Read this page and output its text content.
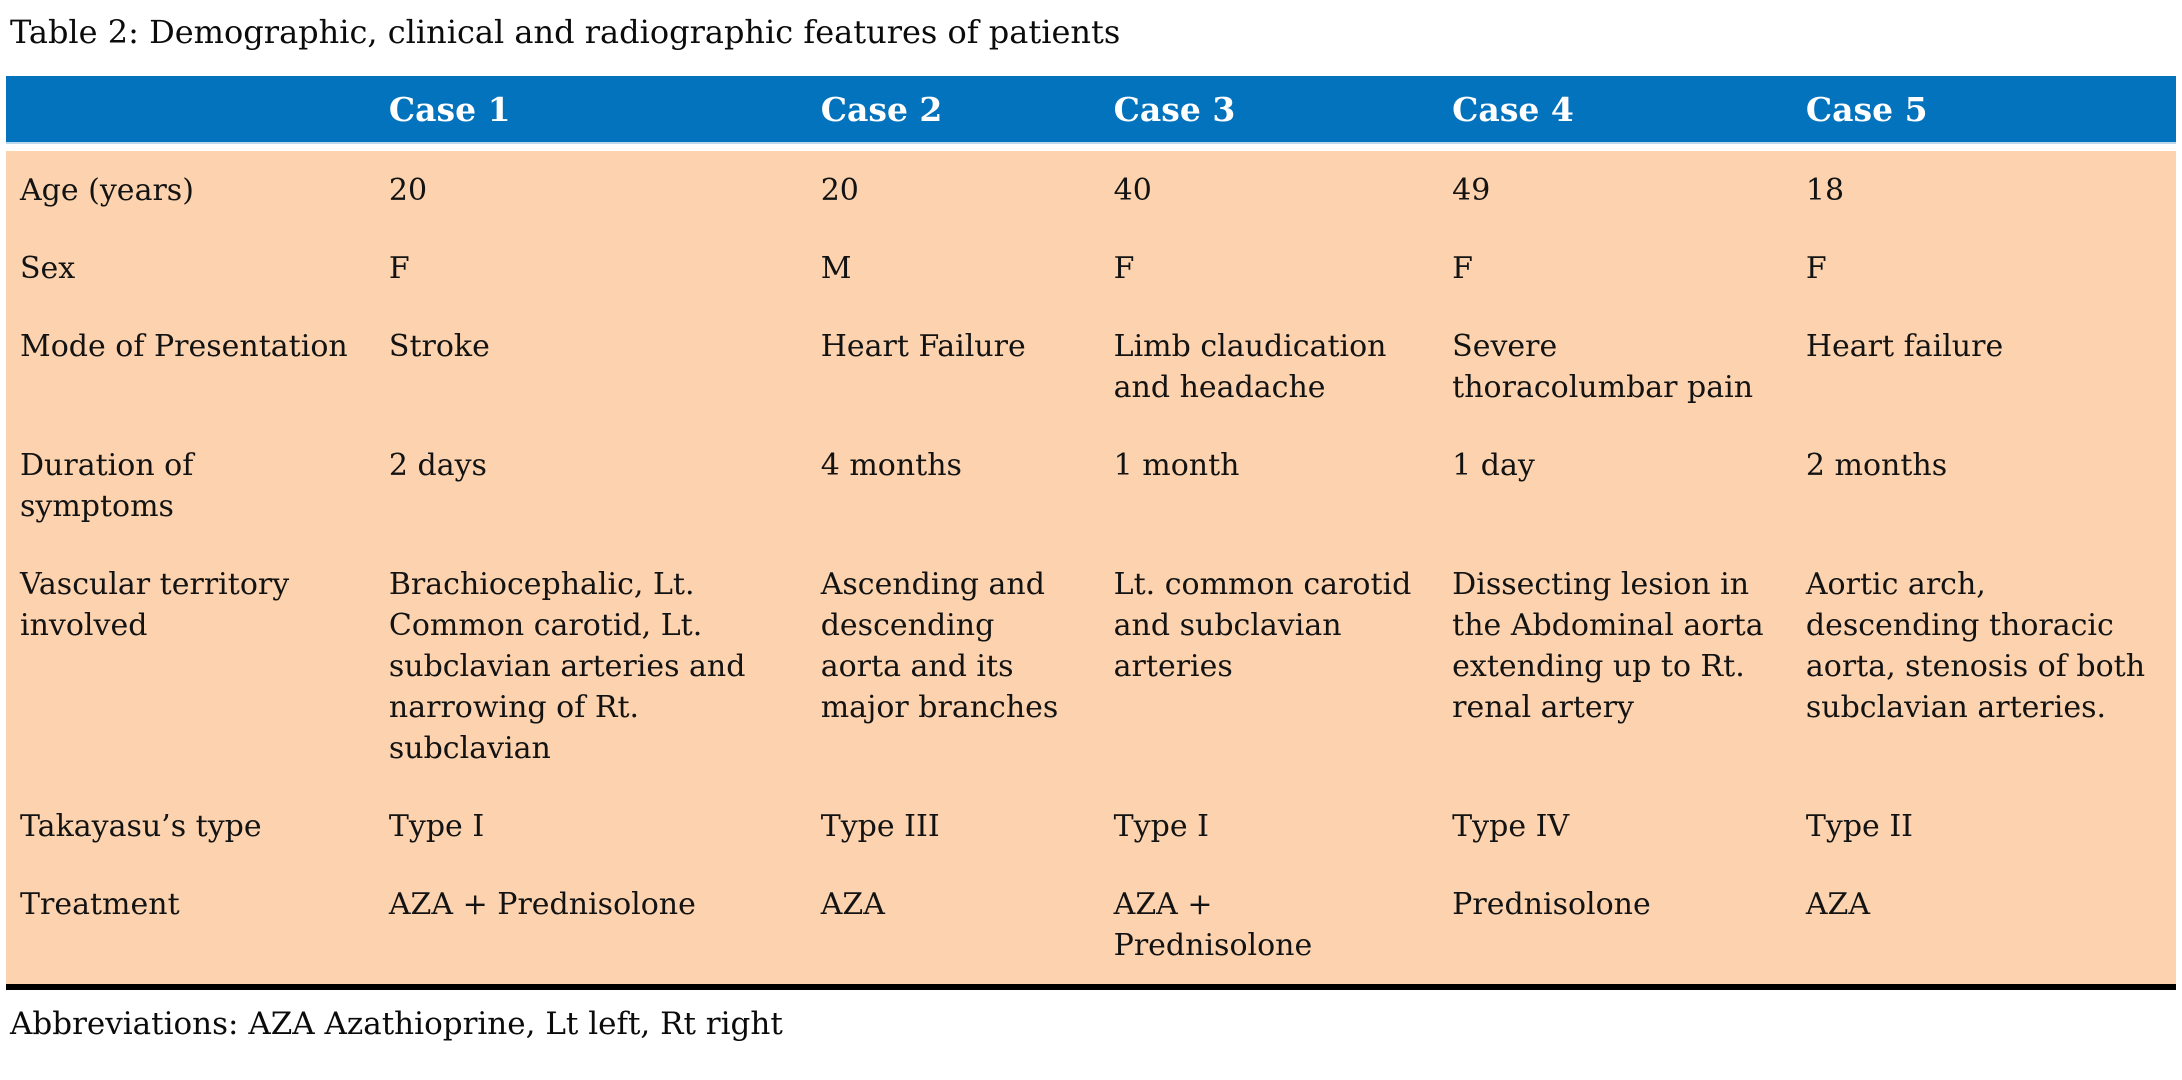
Table 2: Demographic, clinical and radiographic features of patients
	Case 1	Case 2	Case 3	Case 4	Case 5
Age (years)	20	20	40	49	18
Sex	F	M	F	F	F
Mode of Presentation	Stroke	Heart Failure	Limb claudication and headache	Severe thoracolumbar pain	Heart failure
Duration of symptoms	2 days	4 months	1 month	1 day	2 months
Vascular territory involved	Brachiocephalic, Lt. Common carotid, Lt. subclavian arteries and narrowing of Rt. subclavian	Ascending and descending aorta and its major branches	Lt. common carotid and subclavian arteries	Dissecting lesion in the Abdominal aorta extending up to Rt. renal artery	Aortic arch, descending thoracic aorta, stenosis of both subclavian arteries.
Takayasu’s type	Type I	Type III	Type I	Type IV	Type II
Treatment	AZA + Prednisolone	AZA	AZA + Prednisolone	Prednisolone	AZA
Abbreviations: AZA Azathioprine, Lt left, Rt right
